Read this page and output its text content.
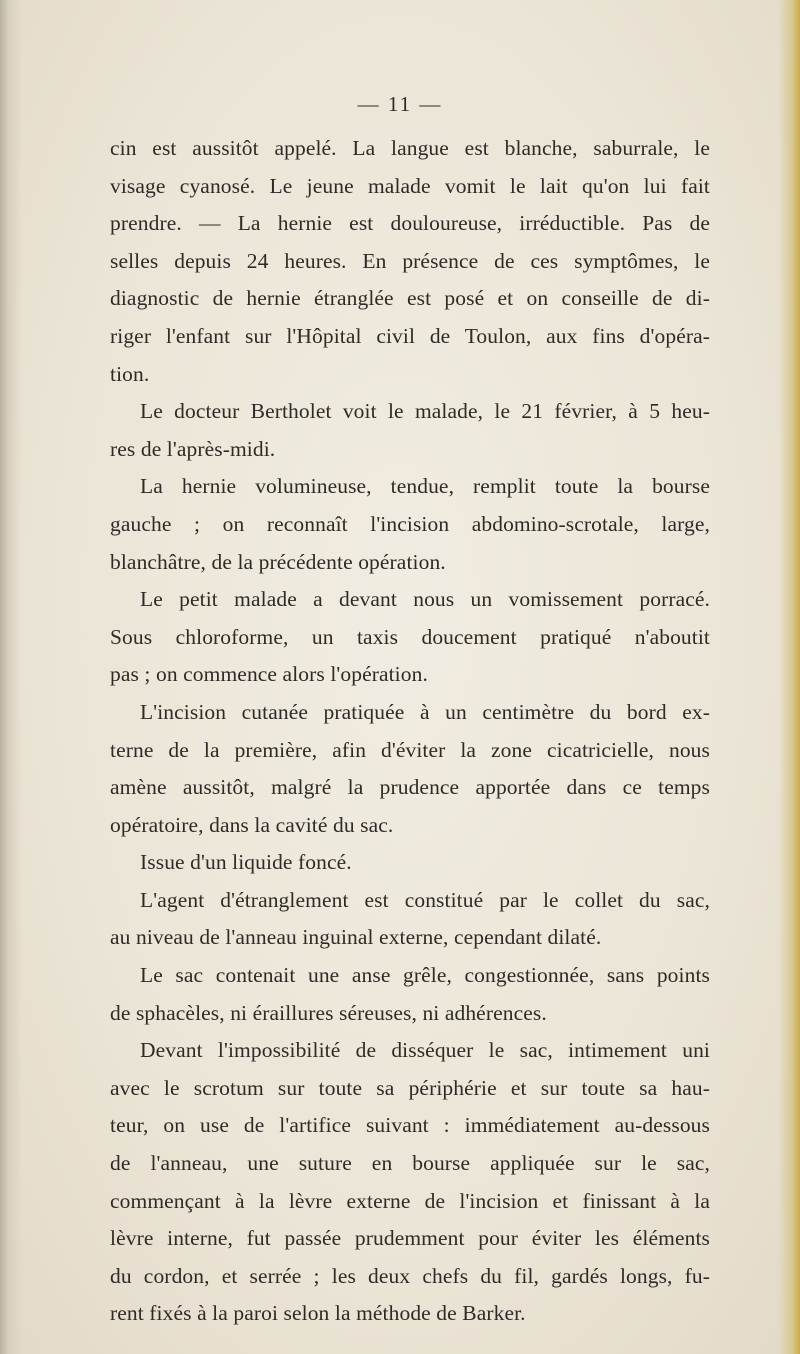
— 11 —
cin est aussitôt appelé. La langue est blanche, saburrale, le
visage cyanosé. Le jeune malade vomit le lait qu'on lui fait
prendre. — La hernie est douloureuse, irréductible. Pas de
selles depuis 24 heures. En présence de ces symptômes, le
diagnostic de hernie étranglée est posé et on conseille de di-
riger l'enfant sur l'Hôpital civil de Toulon, aux fins d'opéra-
tion.
Le docteur Bertholet voit le malade, le 21 février, à 5 heu-
res de l'après-midi.
La hernie volumineuse, tendue, remplit toute la bourse
gauche ; on reconnaît l'incision abdomino-scrotale, large,
blanchâtre, de la précédente opération.
Le petit malade a devant nous un vomissement porracé.
Sous chloroforme, un taxis doucement pratiqué n'aboutit
pas ; on commence alors l'opération.
L'incision cutanée pratiquée à un centimètre du bord ex-
terne de la première, afin d'éviter la zone cicatricielle, nous
amène aussitôt, malgré la prudence apportée dans ce temps
opératoire, dans la cavité du sac.
Issue d'un liquide foncé.
L'agent d'étranglement est constitué par le collet du sac,
au niveau de l'anneau inguinal externe, cependant dilaté.
Le sac contenait une anse grêle, congestionnée, sans points
de sphacèles, ni éraillures séreuses, ni adhérences.
Devant l'impossibilité de disséquer le sac, intimement uni
avec le scrotum sur toute sa périphérie et sur toute sa hau-
teur, on use de l'artifice suivant : immédiatement au-dessous
de l'anneau, une suture en bourse appliquée sur le sac,
commençant à la lèvre externe de l'incision et finissant à la
lèvre interne, fut passée prudemment pour éviter les éléments
du cordon, et serrée ; les deux chefs du fil, gardés longs, fu-
rent fixés à la paroi selon la méthode de Barker.
